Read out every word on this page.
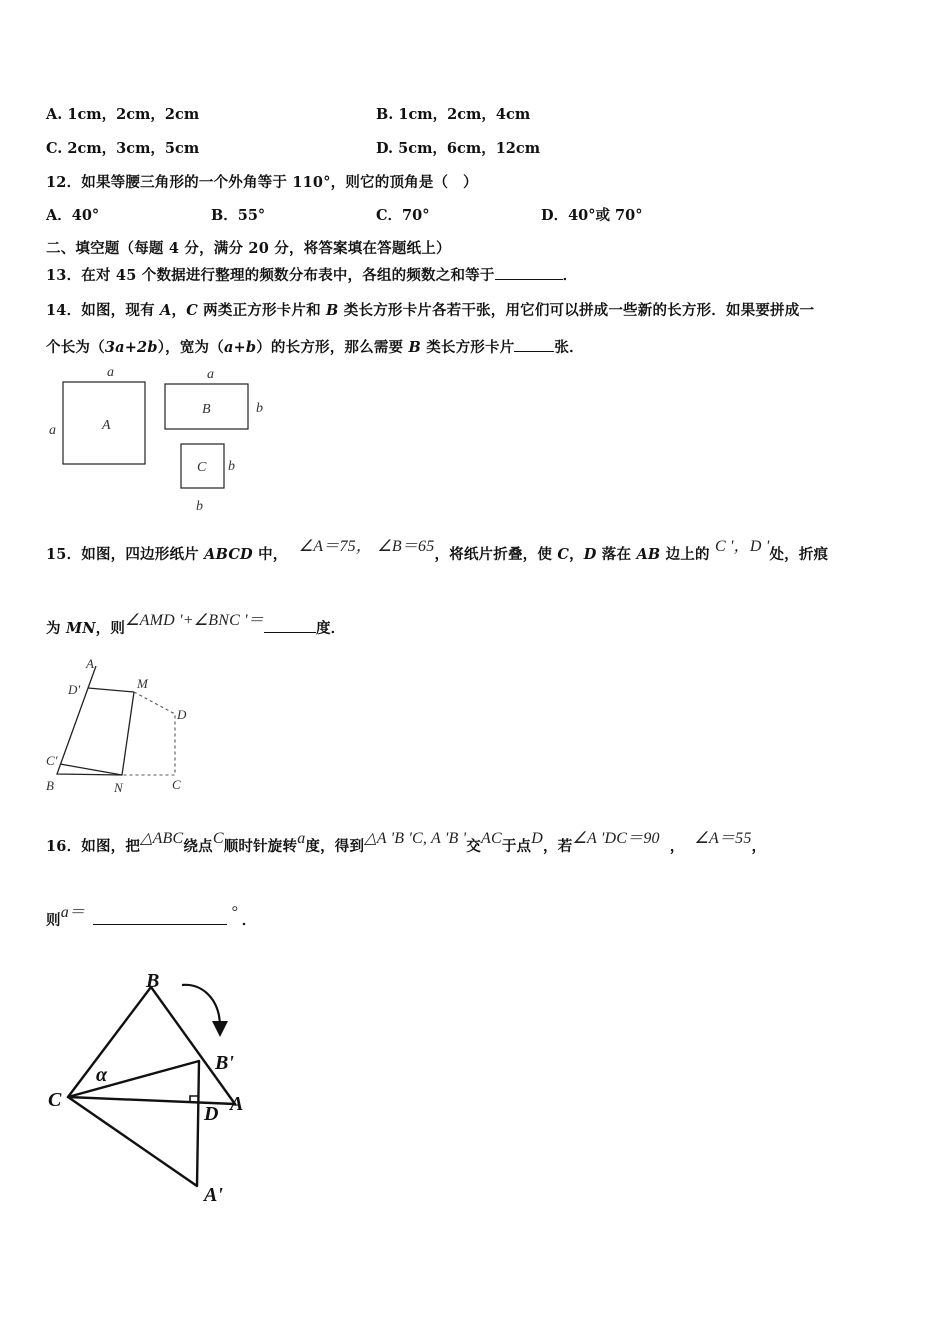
A. 1cm，2cm，2cm	B. 1cm，2cm，4cm
C. 2cm，3cm，5cm	D. 5cm，6cm，12cm
12．如果等腰三角形的一个外角等于 110°，则它的顶角是（　）
A．40°	B．55°	C．70°	D．40°或 70°
二、填空题（每题 4 分，满分 20 分，将答案填在答题纸上）
13．在对 45 个数据进行整理的频数分布表中，各组的频数之和等于	．
14．如图，现有 A，C 两类正方形卡片和 B 类长方形卡片各若干张，用它们可以拼成一些新的长方形．如果要拼成一
个长为（3a+2b），宽为（a+b）的长方形，那么需要 B 类长方形卡片	张．
a
a	A
a
b
B
b
C
b
15．如图，四边形纸片 ABCD 中， ∠A＝75， ∠B＝65，将纸片折叠，使 C，D 落在 AB 边上的 C '，D '处，折痕
为 MN，则∠AMD '+∠BNC '＝	度．
A
D'	M
D
C'
B	N	C
16．如图，把△ABC绕点C顺时针旋转a度，得到△A 'B 'C, A 'B '交AC于点D，若∠A 'DC＝90 ， ∠A＝55，
则a＝	° ．
B
B'
C	A
D
A'
α
